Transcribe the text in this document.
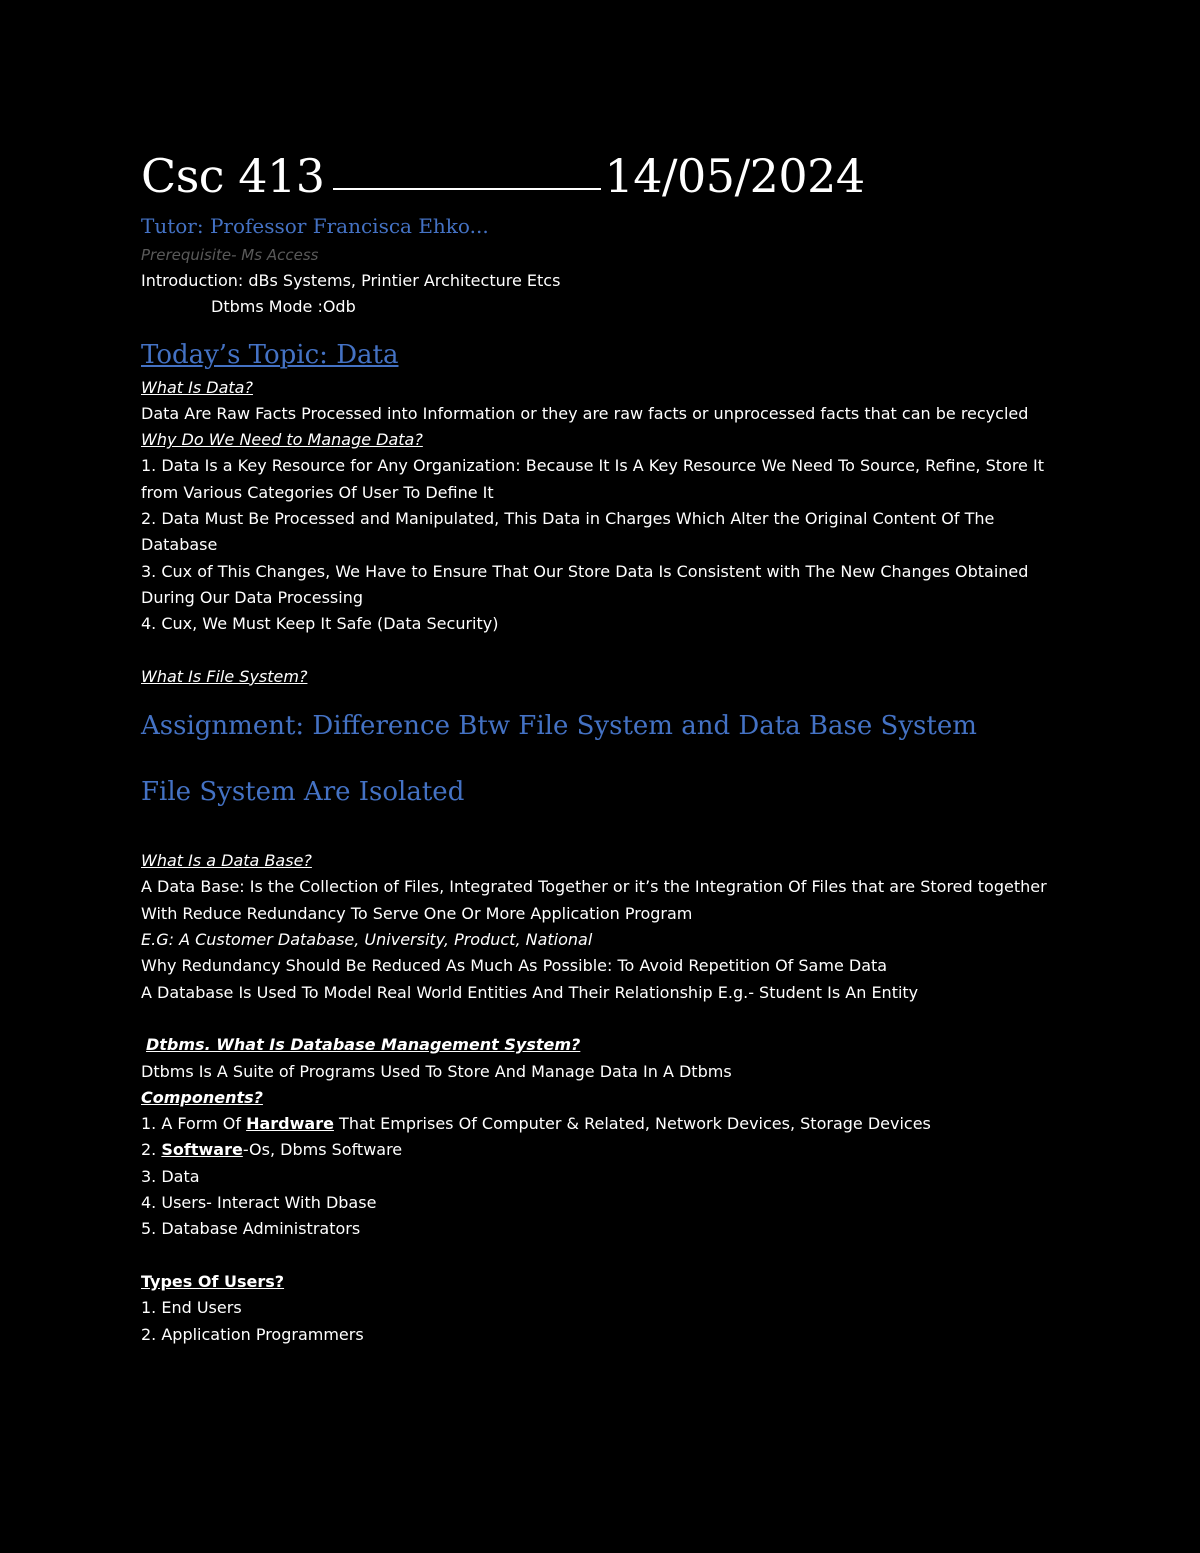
Csc 413	14/05/2024
Tutor: Professor Francisca Ehko...
Prerequisite- Ms Access
Introduction: dBs Systems, Printier Architecture Etcs
Dtbms Mode :Odb
Today’s Topic: Data
What Is Data?
Data Are Raw Facts Processed into Information or they are raw facts or unprocessed facts that can be recycled
Why Do We Need to Manage Data?
1. Data Is a Key Resource for Any Organization: Because It Is A Key Resource We Need To Source, Refine, Store It from Various Categories Of User To Define It
2. Data Must Be Processed and Manipulated, This Data in Charges Which Alter the Original Content Of The Database
3. Cux of This Changes, We Have to Ensure That Our Store Data Is Consistent with The New Changes Obtained During Our Data Processing
4. Cux, We Must Keep It Safe (Data Security)
What Is File System?
Assignment: Difference Btw File System and Data Base System
File System Are Isolated
What Is a Data Base?
A Data Base: Is the Collection of Files, Integrated Together or it’s the Integration Of Files that are Stored together With Reduce Redundancy To Serve One Or More Application Program
E.G: A Customer Database, University, Product, National
Why Redundancy Should Be Reduced As Much As Possible: To Avoid Repetition Of Same Data
A Database Is Used To Model Real World Entities And Their Relationship E.g.- Student Is An Entity
Dtbms. What Is Database Management System?
Dtbms Is A Suite of Programs Used To Store And Manage Data In A Dtbms
Components?
1. A Form Of Hardware That Emprises Of Computer & Related, Network Devices, Storage Devices
2. Software-Os, Dbms Software
3. Data
4. Users- Interact With Dbase
5. Database Administrators
Types Of Users?
1. End Users
2. Application Programmers
